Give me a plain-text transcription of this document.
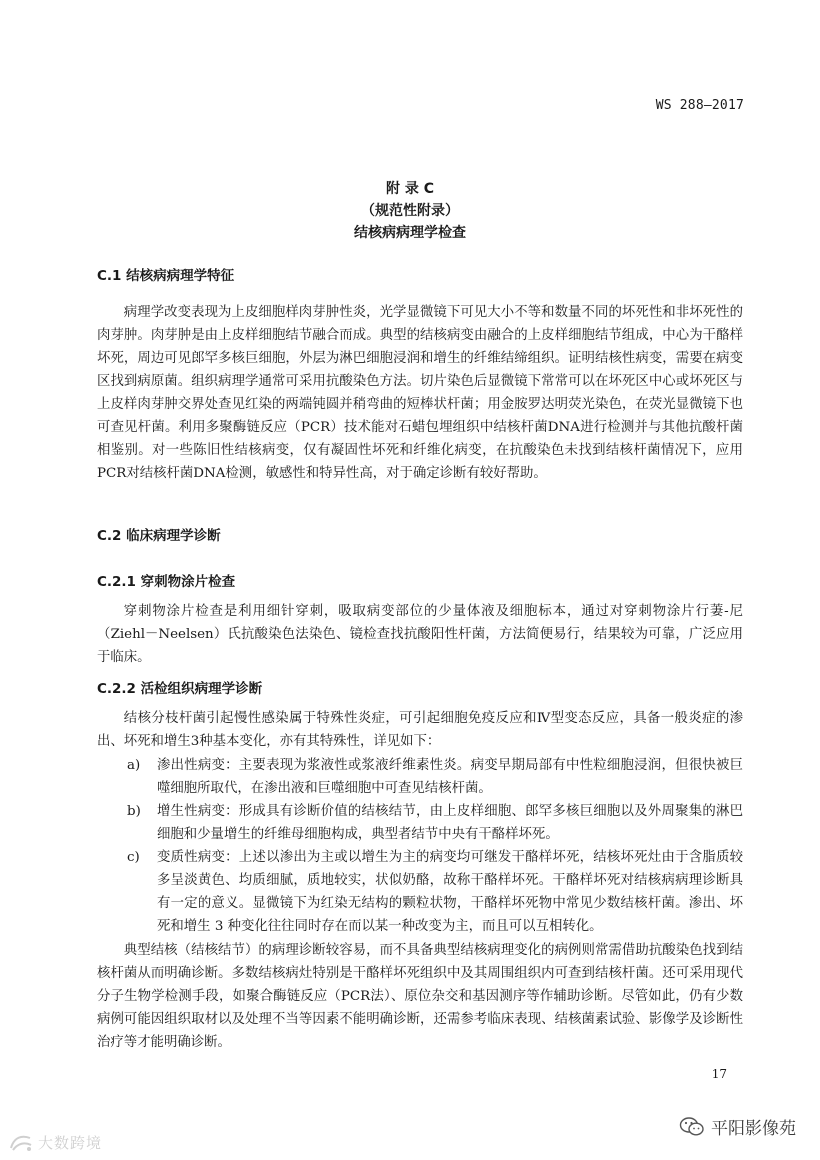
WS 288—2017
附 录 C
（规范性附录）
结核病病理学检查
C.1 结核病病理学特征

病理学改变表现为上皮细胞样肉芽肿性炎，光学显微镜下可见大小不等和数量不同的坏死性和非坏死性的肉芽肿。肉芽肿是由上皮样细胞结节融合而成。典型的结核病变由融合的上皮样细胞结节组成，中心为干酪样坏死，周边可见郎罕多核巨细胞，外层为淋巴细胞浸润和增生的纤维结缔组织。证明结核性病变，需要在病变区找到病原菌。组织病理学通常可采用抗酸染色方法。切片染色后显微镜下常常可以在坏死区中心或坏死区与上皮样肉芽肿交界处查见红染的两端钝圆并稍弯曲的短棒状杆菌；用金胺罗达明荧光染色，在荧光显微镜下也可查见杆菌。利用多聚酶链反应（PCR）技术能对石蜡包埋组织中结核杆菌DNA进行检测并与其他抗酸杆菌相鉴别。对一些陈旧性结核病变，仅有凝固性坏死和纤维化病变，在抗酸染色未找到结核杆菌情况下，应用PCR对结核杆菌DNA检测，敏感性和特异性高，对于确定诊断有较好帮助。

C.2 临床病理学诊断
C.2.1 穿刺物涂片检查

穿刺物涂片检查是利用细针穿刺，吸取病变部位的少量体液及细胞标本，通过对穿刺物涂片行萋-尼（Ziehl－Neelsen）氏抗酸染色法染色、镜检查找抗酸阳性杆菌，方法简便易行，结果较为可靠，广泛应用于临床。

C.2.2 活检组织病理学诊断

结核分枝杆菌引起慢性感染属于特殊性炎症，可引起细胞免疫反应和Ⅳ型变态反应，具备一般炎症的渗出、坏死和增生3种基本变化，亦有其特殊性，详见如下：

a) 渗出性病变：主要表现为浆液性或浆液纤维素性炎。病变早期局部有中性粒细胞浸润，但很快被巨噬细胞所取代，在渗出液和巨噬细胞中可查见结核杆菌。
b) 增生性病变：形成具有诊断价值的结核结节，由上皮样细胞、郎罕多核巨细胞以及外周聚集的淋巴细胞和少量增生的纤维母细胞构成，典型者结节中央有干酪样坏死。
c) 变质性病变：上述以渗出为主或以增生为主的病变均可继发干酪样坏死，结核坏死灶由于含脂质较多呈淡黄色、均质细腻，质地较实，状似奶酪，故称干酪样坏死。干酪样坏死对结核病病理诊断具有一定的意义。显微镜下为红染无结构的颗粒状物，干酪样坏死物中常见少数结核杆菌。渗出、坏死和增生 3 种变化往往同时存在而以某一种改变为主，而且可以互相转化。

典型结核（结核结节）的病理诊断较容易，而不具备典型结核病理变化的病例则常需借助抗酸染色找到结核杆菌从而明确诊断。多数结核病灶特别是干酪样坏死组织中及其周围组织内可查到结核杆菌。还可采用现代分子生物学检测手段，如聚合酶链反应（PCR法）、原位杂交和基因测序等作辅助诊断。尽管如此，仍有少数病例可能因组织取材以及处理不当等因素不能明确诊断，还需参考临床表现、结核菌素试验、影像学及诊断性治疗等才能明确诊断。

17
平阳影像苑
大数跨境
